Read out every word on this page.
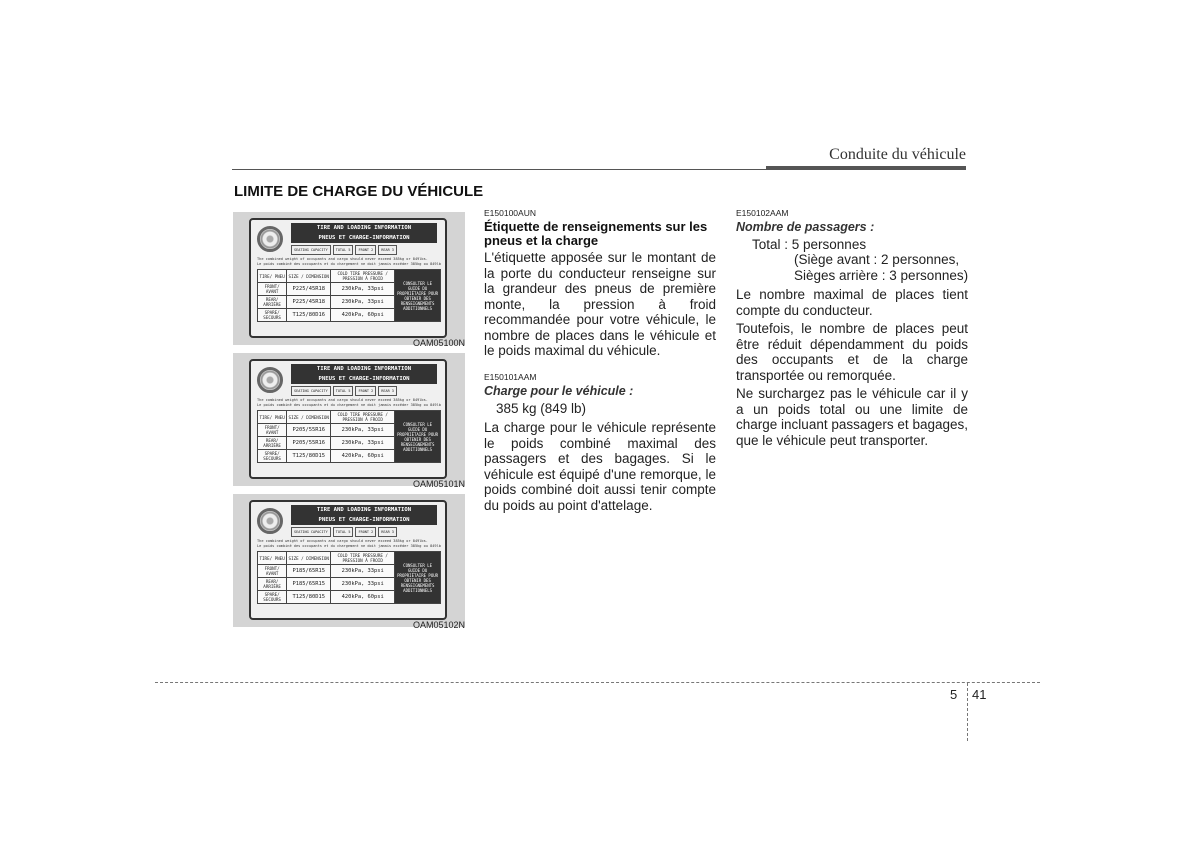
Conduite du véhicule
LIMITE DE CHARGE DU VÉHICULE
TIRE AND LOADING INFORMATION
PNEUS ET CHARGE-INFORMATION
SEATING CAPACITY	TOTAL 5	FRONT 2	REAR 3
The combined weight of occupants and cargo should never exceed 385kg or 849lbs.
Le poids combiné des occupants et du chargement ne doit jamais excéder 385kg ou 849lb
TIRE/ PNEU	SIZE / DIMENSION	COLD TIRE PRESSURE / PRESSION À FROID	CONSULTER LE GUIDE DU PROPRIÉTAIRE POUR OBTENIR DES RENSEIGNEMENTS ADDITIONNELS
FRONT/ AVANT	P225/45R18	230kPa, 33psi	
REAR/ ARRIÈRE	P225/45R18	230kPa, 33psi	
SPARE/ SECOURS	T125/80D16	420kPa, 60psi	
OAM05100N
TIRE AND LOADING INFORMATION
PNEUS ET CHARGE-INFORMATION
SEATING CAPACITY	TOTAL 5	FRONT 2	REAR 3
The combined weight of occupants and cargo should never exceed 385kg or 849lbs.
Le poids combiné des occupants et du chargement ne doit jamais excéder 385kg ou 849lb
TIRE/ PNEU	SIZE / DIMENSION	COLD TIRE PRESSURE / PRESSION À FROID	CONSULTER LE GUIDE DU PROPRIÉTAIRE POUR OBTENIR DES RENSEIGNEMENTS ADDITIONNELS
FRONT/ AVANT	P205/55R16	230kPa, 33psi	
REAR/ ARRIÈRE	P205/55R16	230kPa, 33psi	
SPARE/ SECOURS	T125/80D15	420kPa, 60psi	
OAM05101N
TIRE AND LOADING INFORMATION
PNEUS ET CHARGE-INFORMATION
SEATING CAPACITY	TOTAL 5	FRONT 2	REAR 3
The combined weight of occupants and cargo should never exceed 385kg or 849lbs.
Le poids combiné des occupants et du chargement ne doit jamais excéder 385kg ou 849lb
TIRE/ PNEU	SIZE / DIMENSION	COLD TIRE PRESSURE / PRESSION À FROID	CONSULTER LE GUIDE DU PROPRIÉTAIRE POUR OBTENIR DES RENSEIGNEMENTS ADDITIONNELS
FRONT/ AVANT	P185/65R15	230kPa, 33psi	
REAR/ ARRIÈRE	P185/65R15	230kPa, 33psi	
SPARE/ SECOURS	T125/80D15	420kPa, 60psi	
OAM05102N
E150100AUN
Étiquette de renseignements sur les pneus et la charge
L'étiquette apposée sur le montant de la porte du conducteur renseigne sur la grandeur des pneus de première monte, la pression à froid recommandée pour votre véhicule, le nombre de places dans le véhicule et le poids maximal du véhicule.
E150101AAM
Charge pour le véhicule :
385 kg (849 lb)
La charge pour le véhicule représente le poids combiné maximal des passagers et des bagages. Si le véhicule est équipé d'une remorque, le poids combiné doit aussi tenir compte du poids au point d'attelage.
E150102AAM
Nombre de passagers :
Total : 5 personnes
(Siège avant : 2 personnes,
Sièges arrière : 3 personnes)
Le nombre maximal de places tient compte du conducteur.
Toutefois, le nombre de places peut être réduit dépendamment du poids des occupants et de la charge transportée ou remorquée.
Ne surchargez pas le véhicule car il y a un poids total ou une limite de charge incluant passagers et bagages, que le véhicule peut transporter.
5 41
